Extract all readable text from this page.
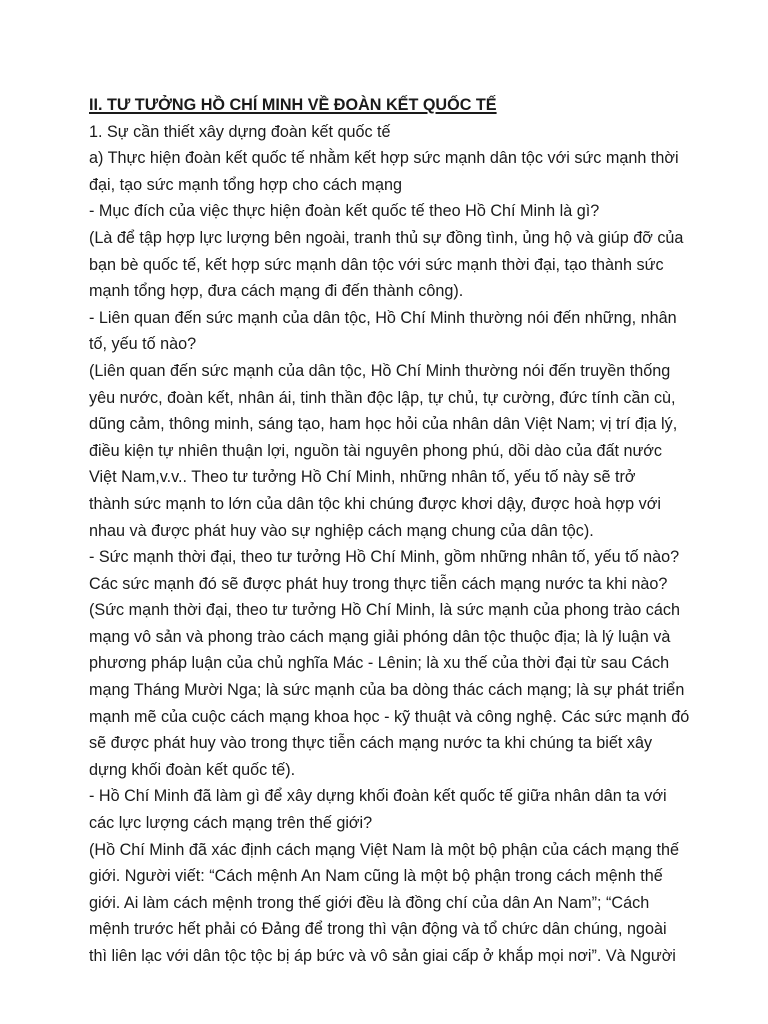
II. TƯ TƯỞNG HỒ CHÍ MINH VỀ ĐOÀN KẾT QUỐC TẾ
1. Sự cần thiết xây dựng đoàn kết quốc tế
a) Thực hiện đoàn kết quốc tế nhằm kết hợp sức mạnh dân tộc với sức mạnh thời
đại, tạo sức mạnh tổng hợp cho cách mạng
- Mục đích của việc thực hiện đoàn kết quốc tế theo Hồ Chí Minh là gì?
(Là để tập hợp lực lượng bên ngoài, tranh thủ sự đồng tình, ủng hộ và giúp đỡ của
bạn bè quốc tế, kết hợp sức mạnh dân tộc với sức mạnh thời đại, tạo thành sức
mạnh tổng hợp, đưa cách mạng đi đến thành công).
- Liên quan đến sức mạnh của dân tộc, Hồ Chí Minh thường nói đến những, nhân
tố, yếu tố nào?
(Liên quan đến sức mạnh của dân tộc, Hồ Chí Minh thường nói đến truyền thống
yêu nước, đoàn kết, nhân ái, tinh thần độc lập, tự chủ, tự cường, đức tính cần cù,
dũng cảm, thông minh, sáng tạo, ham học hỏi của nhân dân Việt Nam; vị trí địa lý,
điều kiện tự nhiên thuận lợi, nguồn tài nguyên phong phú, dồi dào của đất nước
Việt Nam,v.v.. Theo tư tưởng Hồ Chí Minh, những nhân tố, yếu tố này sẽ trở
thành sức mạnh to lớn của dân tộc khi chúng được khơi dậy, được hoà hợp với
nhau và được phát huy vào sự nghiệp cách mạng chung của dân tộc).
- Sức mạnh thời đại, theo tư tưởng Hồ Chí Minh, gồm những nhân tố, yếu tố nào?
Các sức mạnh đó sẽ được phát huy trong thực tiễn cách mạng nước ta khi nào?
(Sức mạnh thời đại, theo tư tưởng Hồ Chí Minh, là sức mạnh của phong trào cách
mạng vô sản và phong trào cách mạng giải phóng dân tộc thuộc địa; là lý luận và
phương pháp luận của chủ nghĩa Mác - Lênin; là xu thế của thời đại từ sau Cách
mạng Tháng Mười Nga; là sức mạnh của ba dòng thác cách mạng; là sự phát triển
mạnh mẽ của cuộc cách mạng khoa học - kỹ thuật và công nghệ. Các sức mạnh đó
sẽ được phát huy vào trong thực tiễn cách mạng nước ta khi chúng ta biết xây
dựng khối đoàn kết quốc tế).
- Hồ Chí Minh đã làm gì để xây dựng khối đoàn kết quốc tế giữa nhân dân ta với
các lực lượng cách mạng trên thế giới?
(Hồ Chí Minh đã xác định cách mạng Việt Nam là một bộ phận của cách mạng thế
giới. Người viết: “Cách mệnh An Nam cũng là một bộ phận trong cách mệnh thế
giới. Ai làm cách mệnh trong thế giới đều là đồng chí của dân An Nam”; “Cách
mệnh trước hết phải có Đảng để trong thì vận động và tổ chức dân chúng, ngoài
thì liên lạc với dân tộc tộc bị áp bức và vô sản giai cấp ở khắp mọi nơi”. Và Người
